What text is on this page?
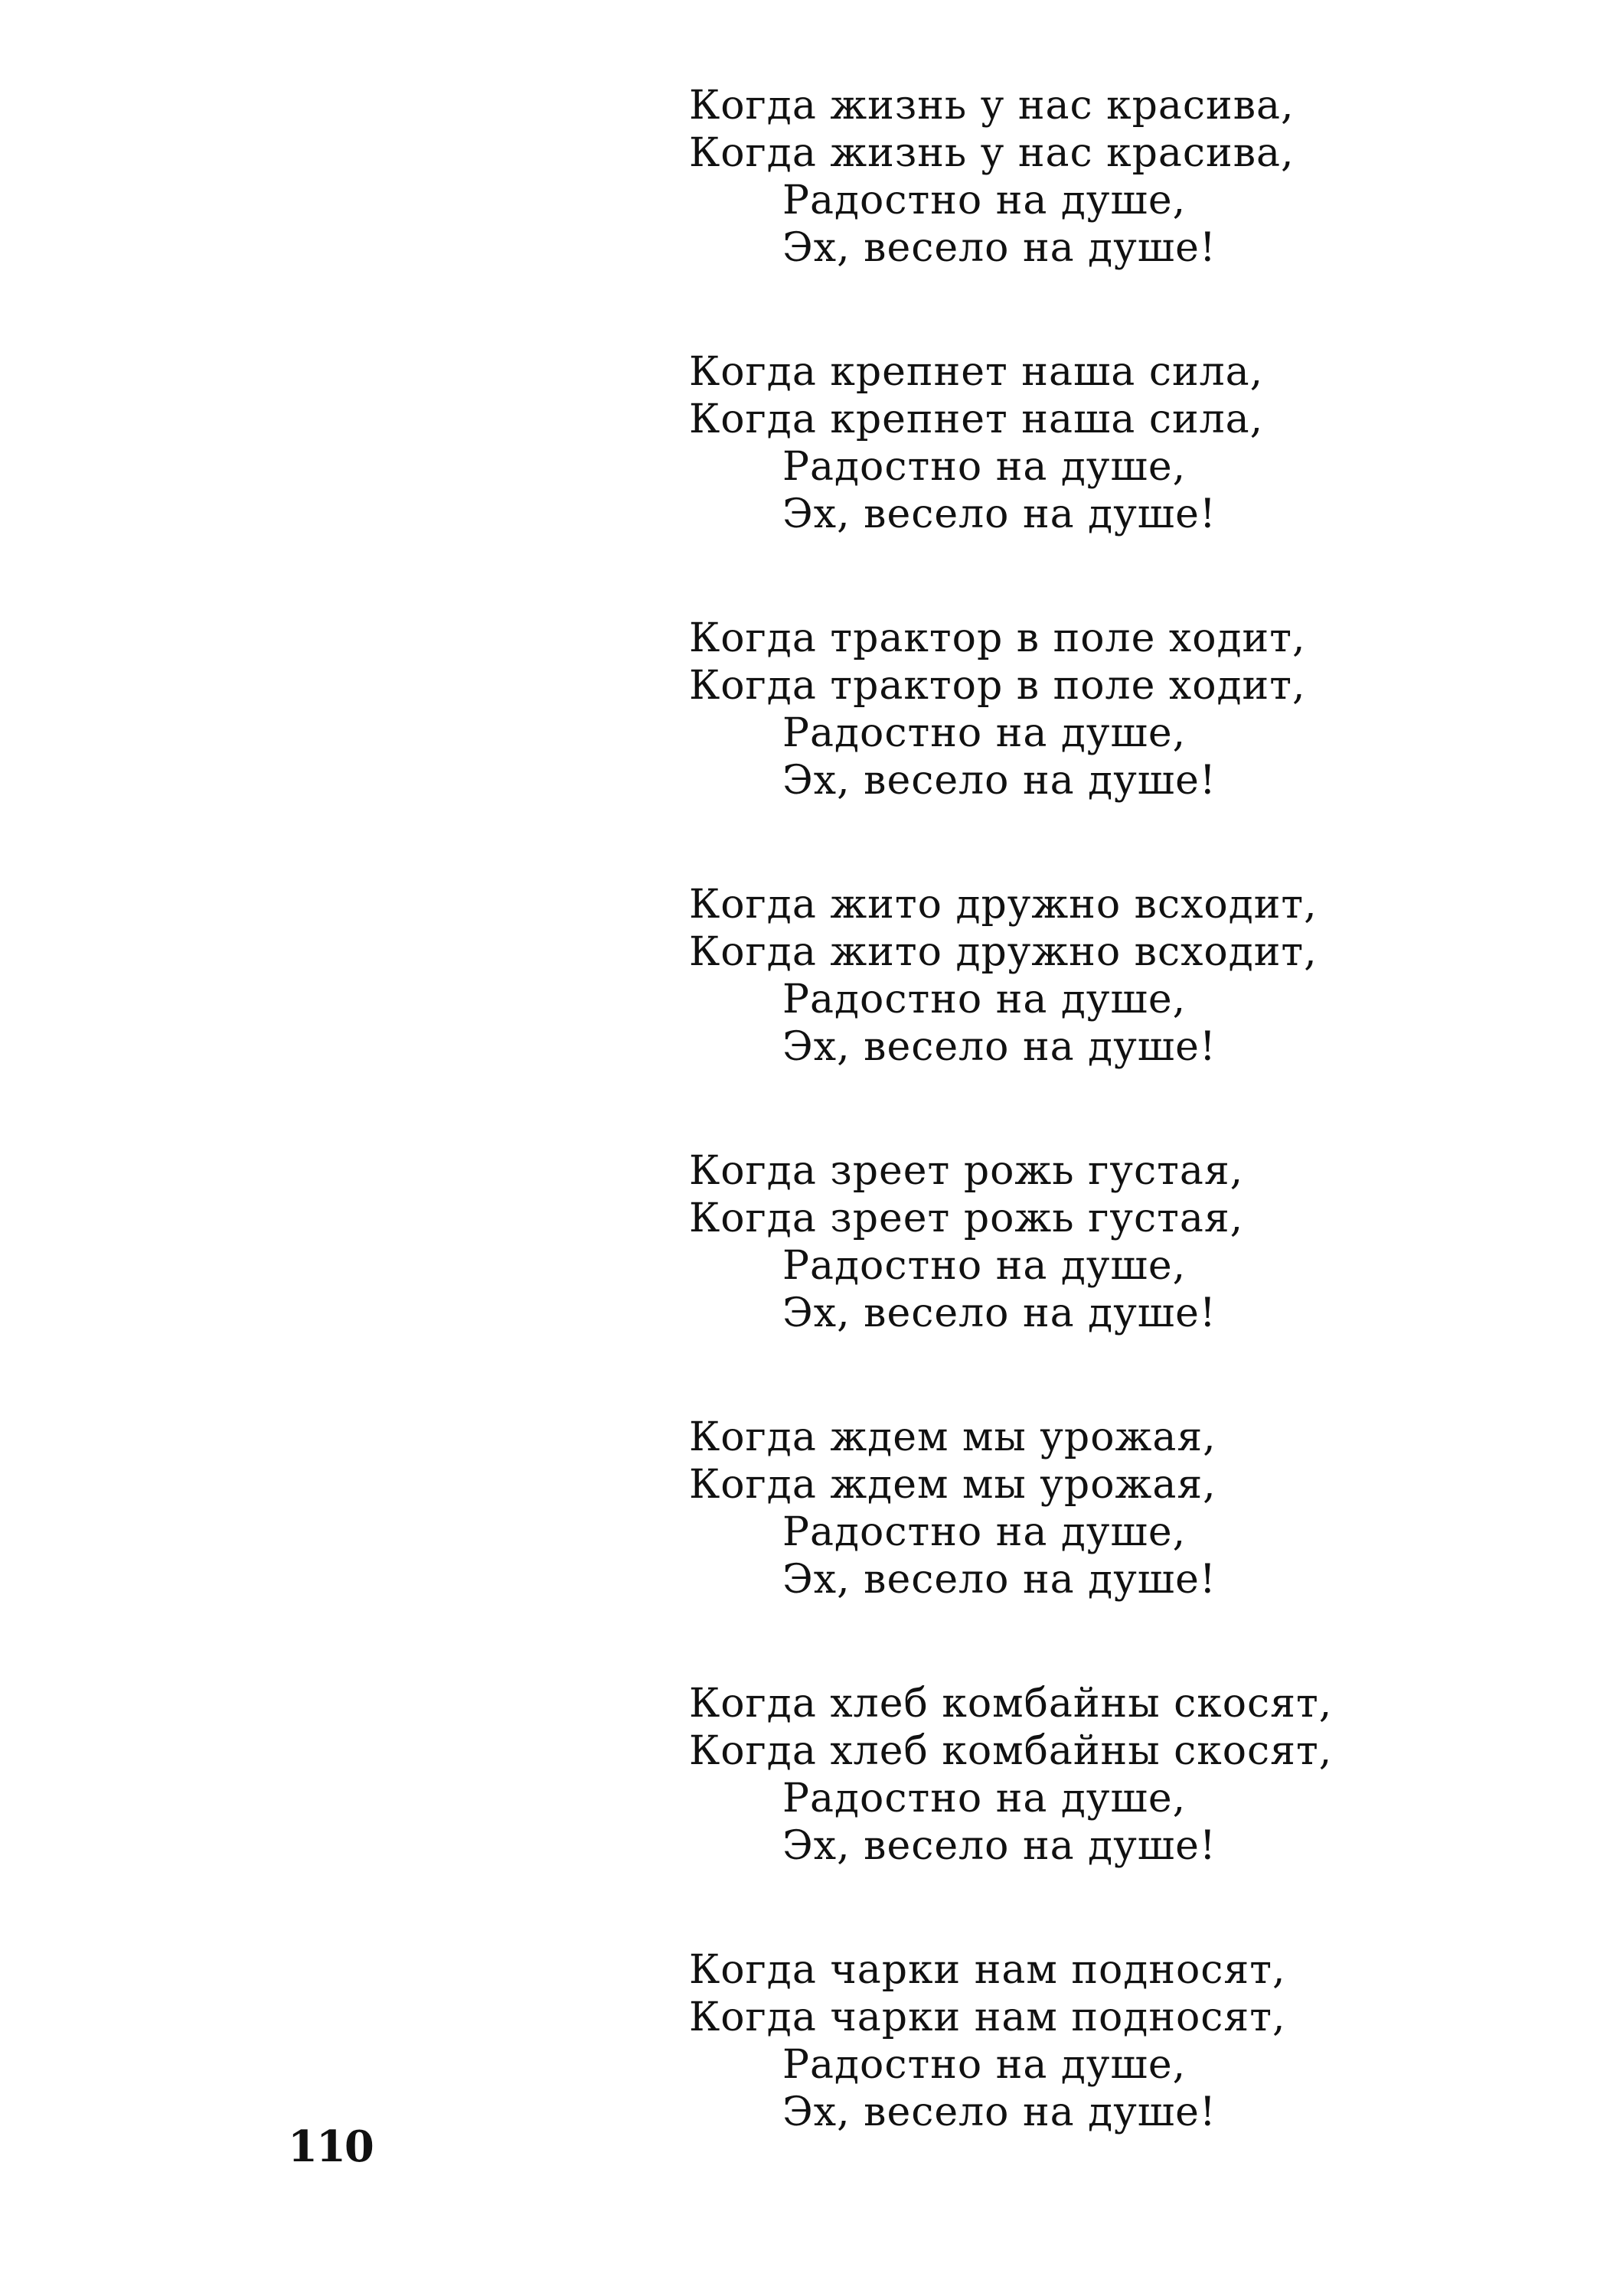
Когда жизнь у нас красива,
Когда жизнь у нас красива,
Радостно на душе,
Эх, весело на душе!
Когда крепнет наша сила,
Когда крепнет наша сила,
Радостно на душе,
Эх, весело на душе!
Когда трактор в поле ходит,
Когда трактор в поле ходит,
Радостно на душе,
Эх, весело на душе!
Когда жито дружно всходит,
Когда жито дружно всходит,
Радостно на душе,
Эх, весело на душе!
Когда зреет рожь густая,
Когда зреет рожь густая,
Радостно на душе,
Эх, весело на душе!
Когда ждем мы урожая,
Когда ждем мы урожая,
Радостно на душе,
Эх, весело на душе!
Когда хлеб комбайны скосят,
Когда хлеб комбайны скосят,
Радостно на душе,
Эх, весело на душе!
Когда чарки нам подносят,
Когда чарки нам подносят,
Радостно на душе,
Эх, весело на душе!
110
